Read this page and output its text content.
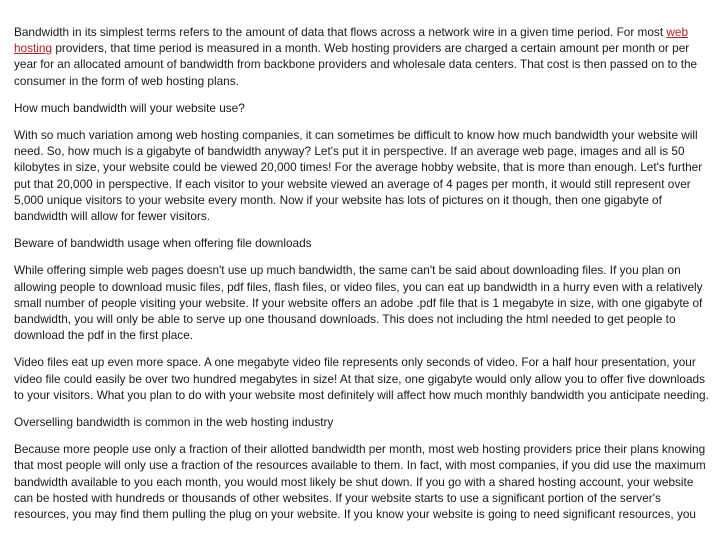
Bandwidth in its simplest terms refers to the amount of data that flows across a network wire in a given time period. For most web hosting providers, that time period is measured in a month. Web hosting providers are charged a certain amount per month or per year for an allocated amount of bandwidth from backbone providers and wholesale data centers. That cost is then passed on to the consumer in the form of web hosting plans.

How much bandwidth will your website use?

With so much variation among web hosting companies, it can sometimes be difficult to know how much bandwidth your website will need. So, how much is a gigabyte of bandwidth anyway? Let's put it in perspective. If an average web page, images and all is 50 kilobytes in size, your website could be viewed 20,000 times! For the average hobby website, that is more than enough. Let's further put that 20,000 in perspective. If each visitor to your website viewed an average of 4 pages per month, it would still represent over 5,000 unique visitors to your website every month. Now if your website has lots of pictures on it though, then one gigabyte of bandwidth will allow for fewer visitors.

Beware of bandwidth usage when offering file downloads

While offering simple web pages doesn't use up much bandwidth, the same can't be said about downloading files. If you plan on allowing people to download music files, pdf files, flash files, or video files, you can eat up bandwidth in a hurry even with a relatively small number of people visiting your website. If your website offers an adobe .pdf file that is 1 megabyte in size, with one gigabyte of bandwidth, you will only be able to serve up one thousand downloads. This does not including the html needed to get people to download the pdf in the first place.

Video files eat up even more space. A one megabyte video file represents only seconds of video. For a half hour presentation, your video file could easily be over two hundred megabytes in size! At that size, one gigabyte would only allow you to offer five downloads to your visitors. What you plan to do with your website most definitely will affect how much monthly bandwidth you anticipate needing.

Overselling bandwidth is common in the web hosting industry

Because more people use only a fraction of their allotted bandwidth per month, most web hosting providers price their plans knowing that most people will only use a fraction of the resources available to them. In fact, with most companies, if you did use the maximum bandwidth available to you each month, you would most likely be shut down. If you go with a shared hosting account, your website can be hosted with hundreds or thousands of other websites. If your website starts to use a significant portion of the server's resources, you may find them pulling the plug on your website. If you know your website is going to need significant resources, you
